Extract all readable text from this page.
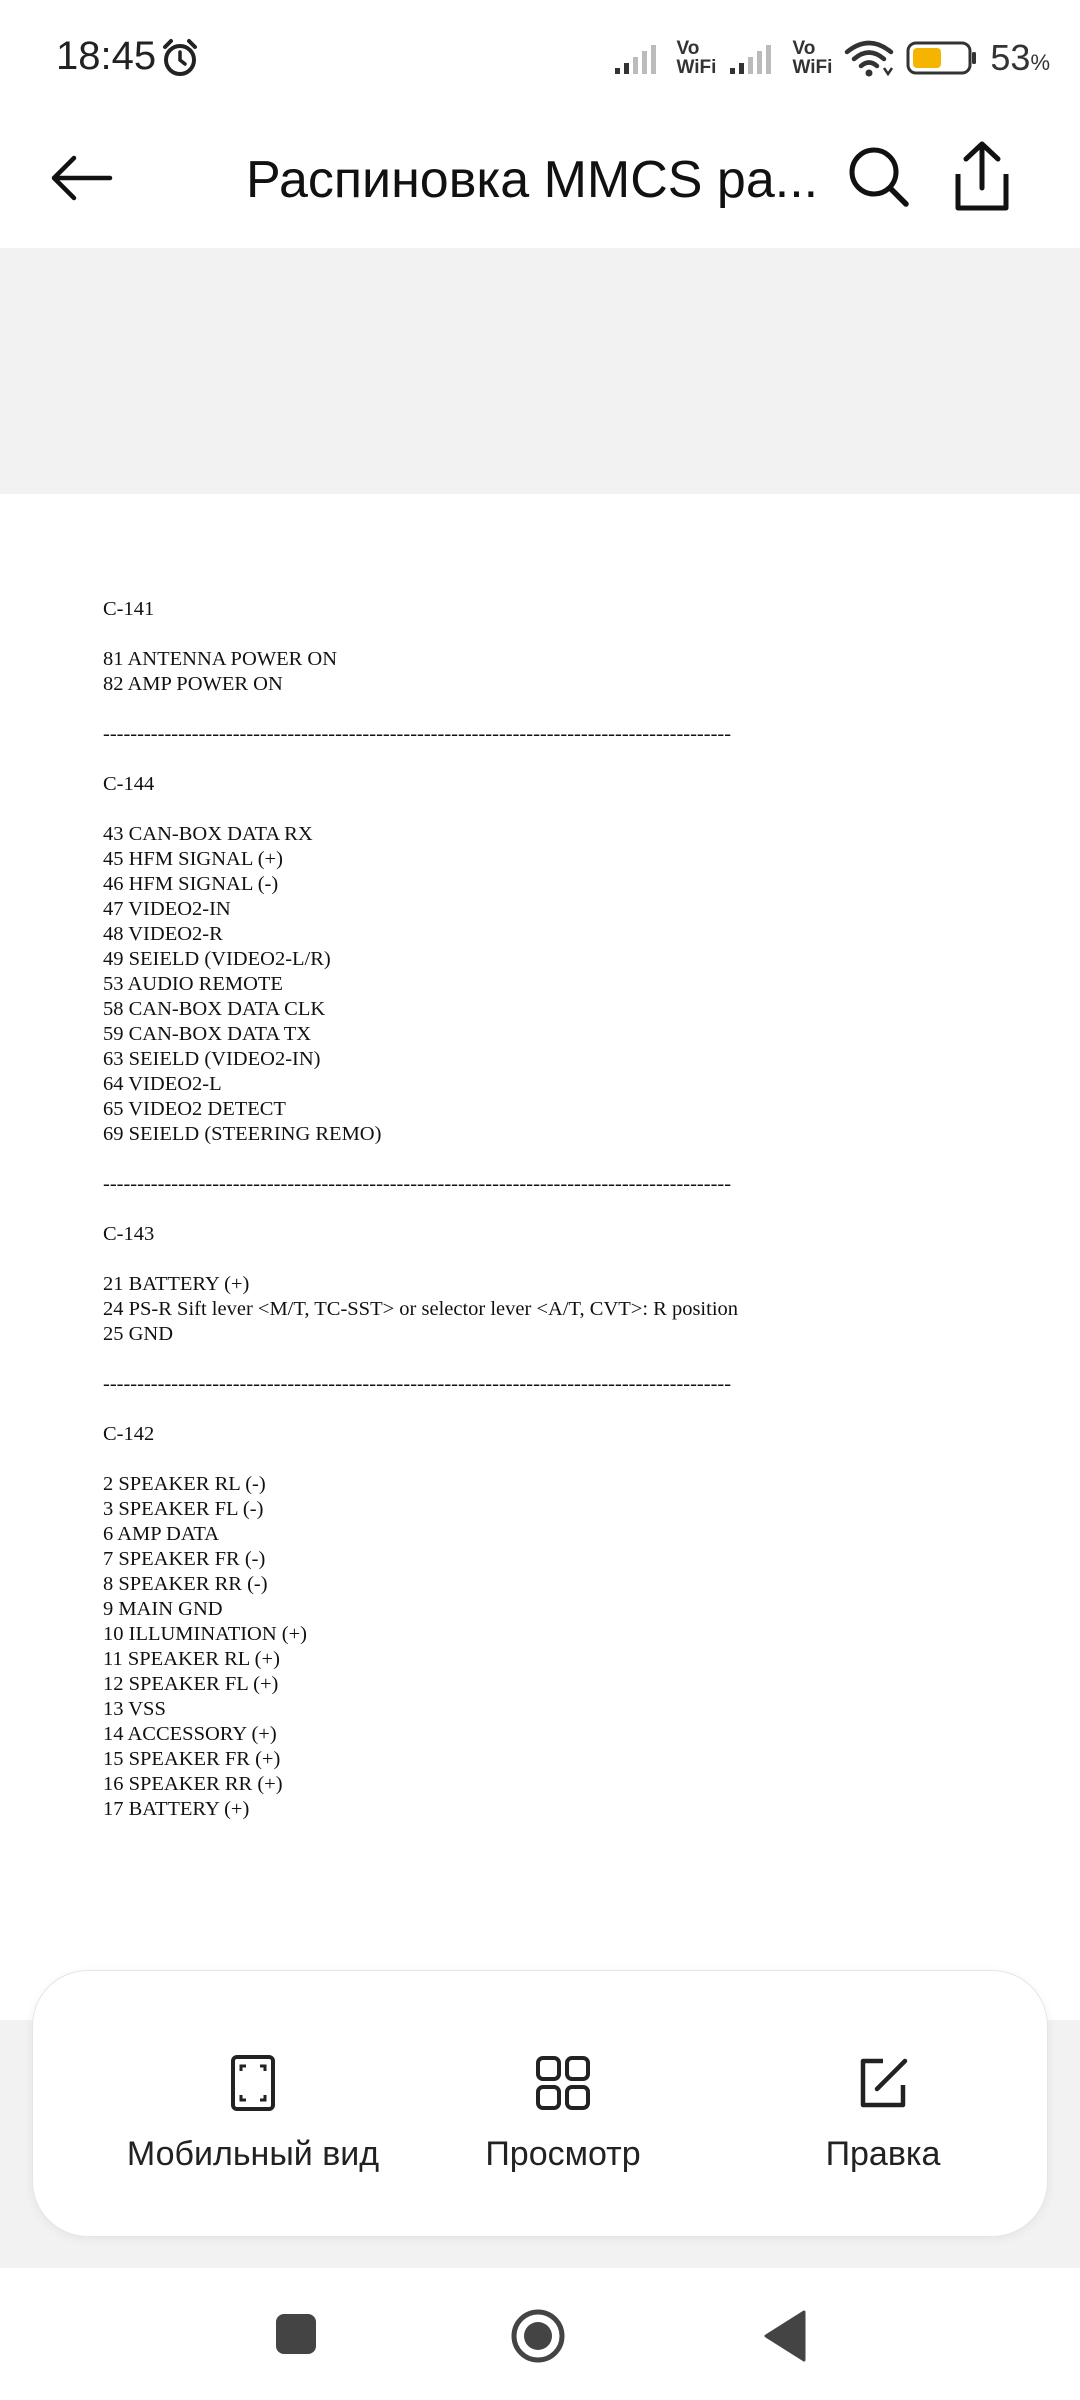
18:45	Vo
WiFi
Vo
WiFi	53%
Распиновка MMCS ра...
C-141

81 ANTENNA POWER ON
82 AMP POWER ON

--------------------------------------------------------------------------------------------

C-144

43 CAN-BOX DATA RX
45 HFM SIGNAL (+)
46 HFM SIGNAL (-)
47 VIDEO2-IN
48 VIDEO2-R
49 SEIELD (VIDEO2-L/R)
53 AUDIO REMOTE
58 CAN-BOX DATA CLK
59 CAN-BOX DATA TX
63 SEIELD (VIDEO2-IN)
64 VIDEO2-L
65 VIDEO2 DETECT
69 SEIELD (STEERING REMO)

--------------------------------------------------------------------------------------------

C-143

21 BATTERY (+)
24 PS-R Sift lever <M/T, TC-SST> or selector lever <A/T, CVT>: R position
25 GND

--------------------------------------------------------------------------------------------

C-142

2 SPEAKER RL (-)
3 SPEAKER FL (-)
6 AMP DATA
7 SPEAKER FR (-)
8 SPEAKER RR (-)
9 MAIN GND
10 ILLUMINATION (+)
11 SPEAKER RL (+)
12 SPEAKER FL (+)
13 VSS
14 ACCESSORY (+)
15 SPEAKER FR (+)
16 SPEAKER RR (+)
17 BATTERY (+)
Мобильный вид	Просмотр	Правка
